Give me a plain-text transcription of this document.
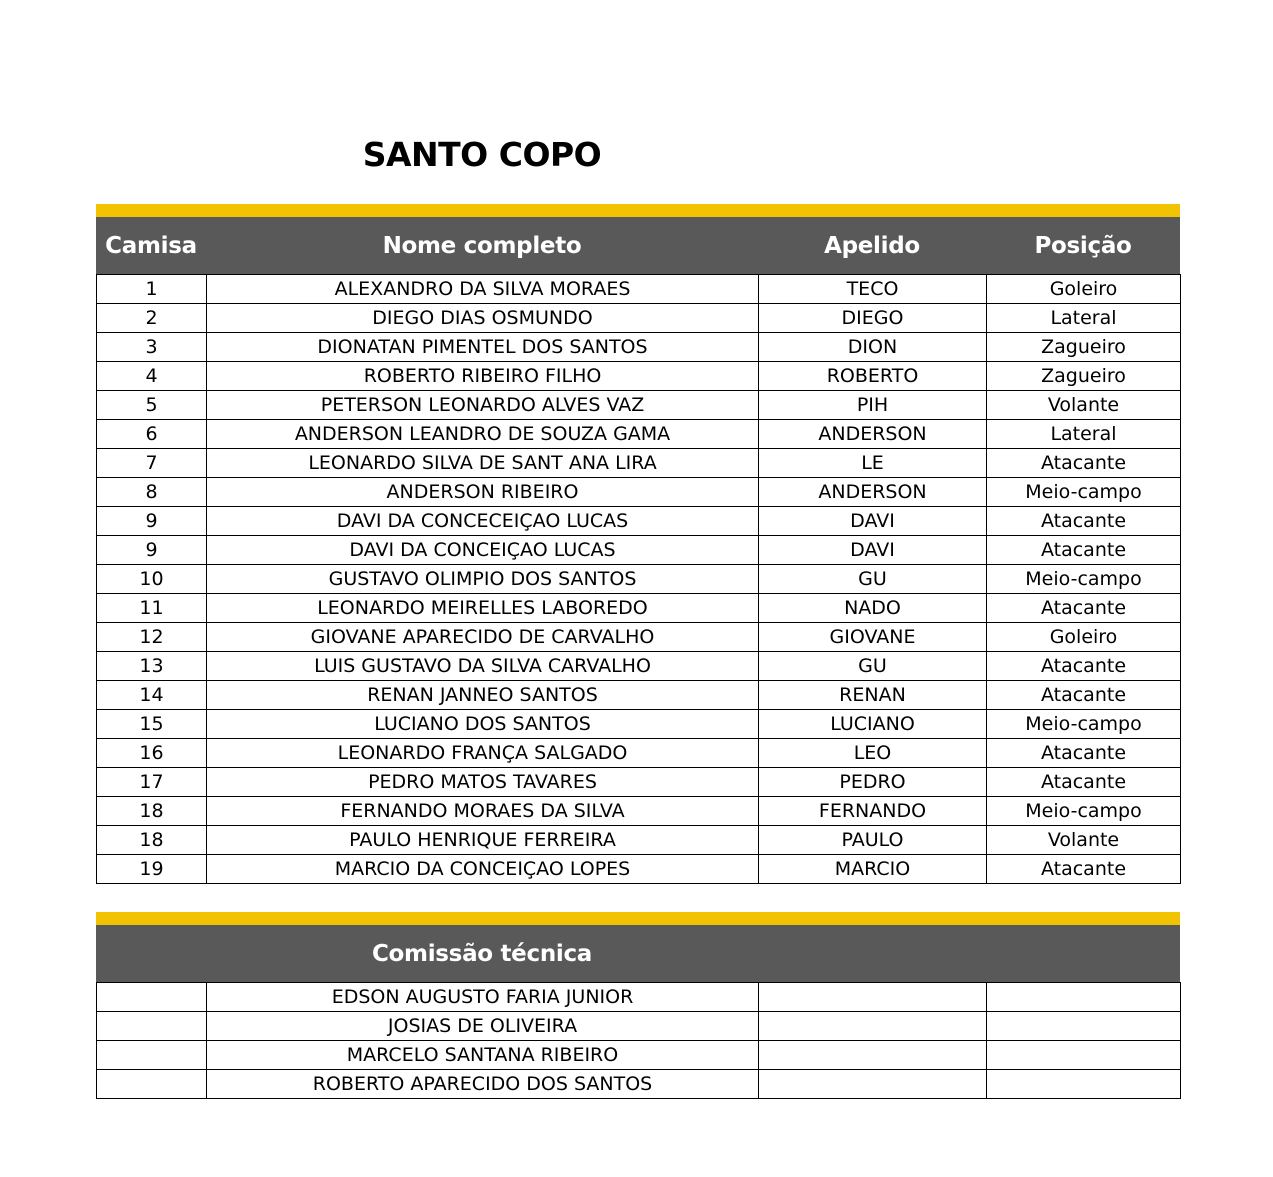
SANTO COPO
Camisa	Nome completo	Apelido	Posição
1	ALEXANDRO DA SILVA MORAES	TECO	Goleiro
2	DIEGO DIAS OSMUNDO	DIEGO	Lateral
3	DIONATAN PIMENTEL DOS SANTOS	DION	Zagueiro
4	ROBERTO RIBEIRO FILHO	ROBERTO	Zagueiro
5	PETERSON LEONARDO ALVES VAZ	PIH	Volante
6	ANDERSON LEANDRO DE SOUZA GAMA	ANDERSON	Lateral
7	LEONARDO SILVA DE SANT ANA LIRA	LE	Atacante
8	ANDERSON RIBEIRO	ANDERSON	Meio-campo
9	DAVI DA CONCECEIÇAO LUCAS	DAVI	Atacante
9	DAVI DA CONCEIÇAO LUCAS	DAVI	Atacante
10	GUSTAVO OLIMPIO DOS SANTOS	GU	Meio-campo
11	LEONARDO MEIRELLES LABOREDO	NADO	Atacante
12	GIOVANE APARECIDO DE CARVALHO	GIOVANE	Goleiro
13	LUIS GUSTAVO DA SILVA CARVALHO	GU	Atacante
14	RENAN JANNEO SANTOS	RENAN	Atacante
15	LUCIANO DOS SANTOS	LUCIANO	Meio-campo
16	LEONARDO FRANÇA SALGADO	LEO	Atacante
17	PEDRO MATOS TAVARES	PEDRO	Atacante
18	FERNANDO MORAES DA SILVA	FERNANDO	Meio-campo
18	PAULO HENRIQUE FERREIRA	PAULO	Volante
19	MARCIO DA CONCEIÇAO LOPES	MARCIO	Atacante
Comissão técnica
	EDSON AUGUSTO FARIA JUNIOR		
	JOSIAS DE OLIVEIRA		
	MARCELO SANTANA RIBEIRO		
	ROBERTO APARECIDO DOS SANTOS		
